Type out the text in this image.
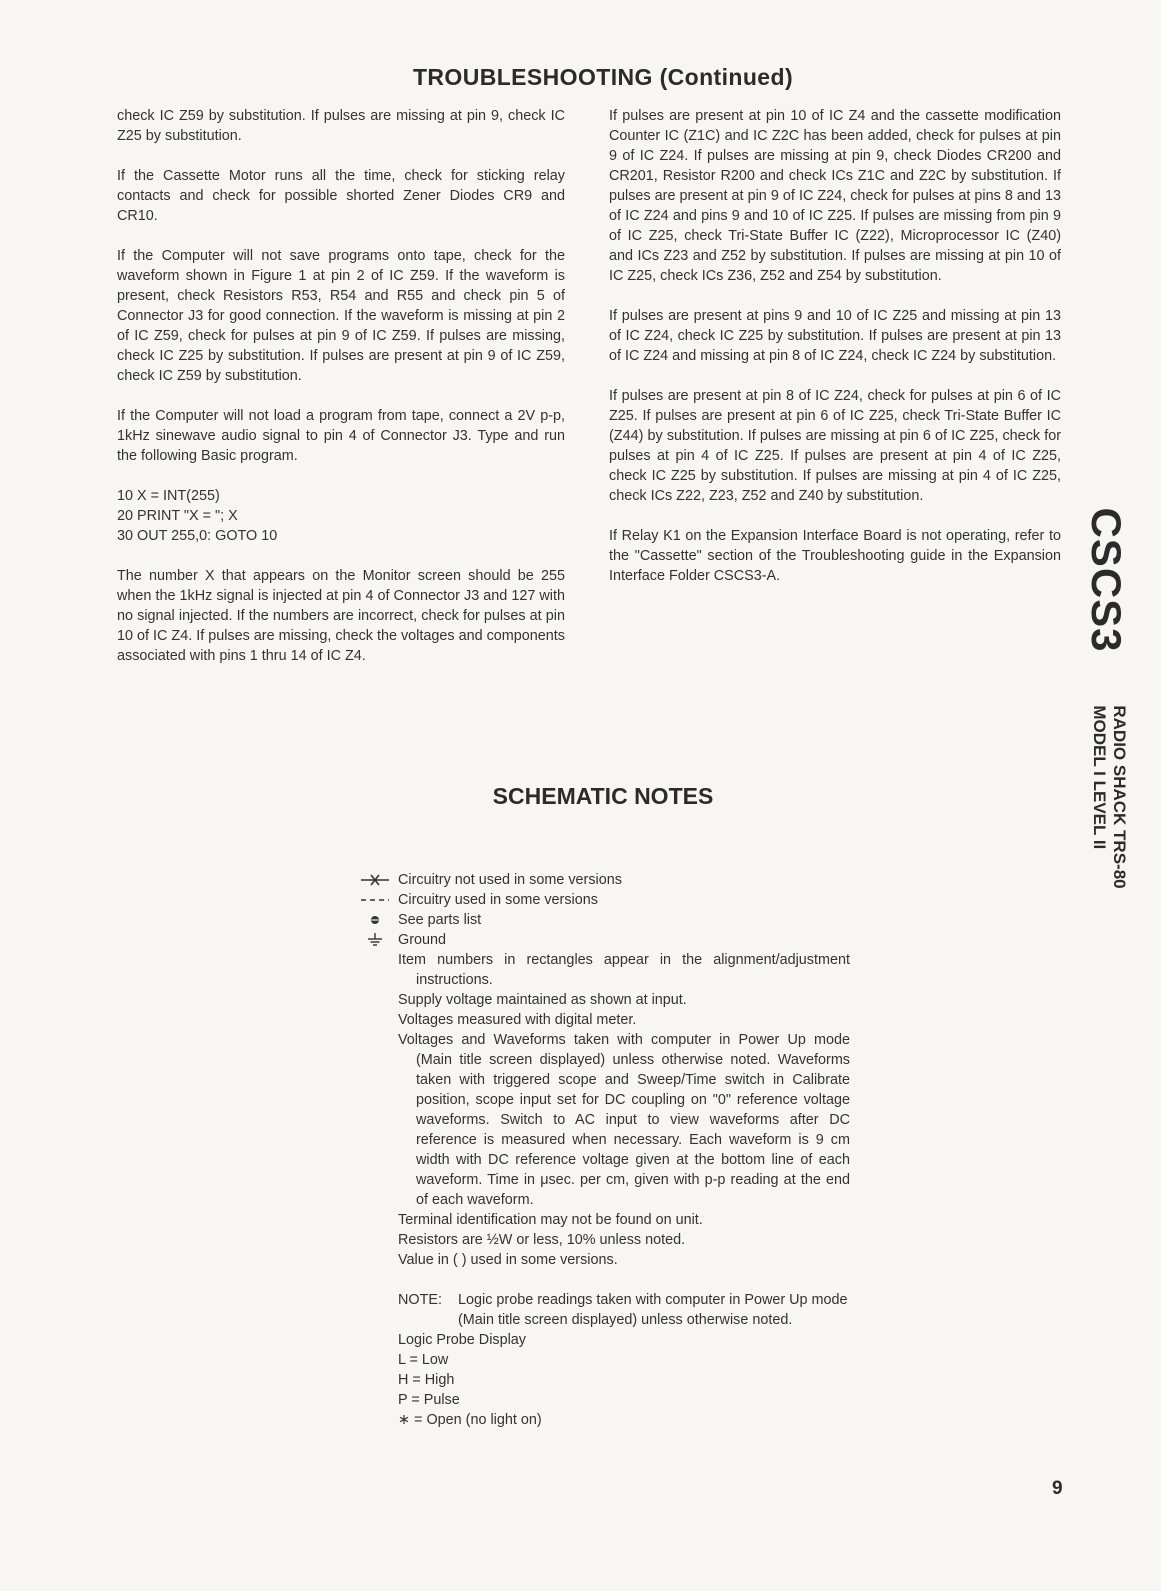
TROUBLESHOOTING (Continued)

check IC Z59 by substitution. If pulses are missing at pin 9, check IC Z25 by substitution.

If the Cassette Motor runs all the time, check for sticking relay contacts and check for possible shorted Zener Diodes CR9 and CR10.

If the Computer will not save programs onto tape, check for the waveform shown in Figure 1 at pin 2 of IC Z59. If the waveform is present, check Resistors R53, R54 and R55 and check pin 5 of Connector J3 for good connection. If the waveform is missing at pin 2 of IC Z59, check for pulses at pin 9 of IC Z59. If pulses are missing, check IC Z25 by substitution. If pulses are present at pin 9 of IC Z59, check IC Z59 by substitution.

If the Computer will not load a program from tape, connect a 2V p-p, 1kHz sinewave audio signal to pin 4 of Connector J3. Type and run the following Basic program.

10 X = INT(255)
20 PRINT "X = "; X
30 OUT 255,0: GOTO 10

The number X that appears on the Monitor screen should be 255 when the 1kHz signal is injected at pin 4 of Connector J3 and 127 with no signal injected. If the numbers are incorrect, check for pulses at pin 10 of IC Z4. If pulses are missing, check the voltages and components associated with pins 1 thru 14 of IC Z4.

If pulses are present at pin 10 of IC Z4 and the cassette modification Counter IC (Z1C) and IC Z2C has been added, check for pulses at pin 9 of IC Z24. If pulses are missing at pin 9, check Diodes CR200 and CR201, Resistor R200 and check ICs Z1C and Z2C by substitution. If pulses are present at pin 9 of IC Z24, check for pulses at pins 8 and 13 of IC Z24 and pins 9 and 10 of IC Z25. If pulses are missing from pin 9 of IC Z25, check Tri-State Buffer IC (Z22), Microprocessor IC (Z40) and ICs Z23 and Z52 by substitution. If pulses are missing at pin 10 of IC Z25, check ICs Z36, Z52 and Z54 by substitution.

If pulses are present at pins 9 and 10 of IC Z25 and missing at pin 13 of IC Z24, check IC Z25 by substitution. If pulses are present at pin 13 of IC Z24 and missing at pin 8 of IC Z24, check IC Z24 by substitution.

If pulses are present at pin 8 of IC Z24, check for pulses at pin 6 of IC Z25. If pulses are present at pin 6 of IC Z25, check Tri-State Buffer IC (Z44) by substitution. If pulses are missing at pin 6 of IC Z25, check for pulses at pin 4 of IC Z25. If pulses are present at pin 4 of IC Z25, check IC Z25 by substitution. If pulses are missing at pin 4 of IC Z25, check ICs Z22, Z23, Z52 and Z40 by substitution.

If Relay K1 on the Expansion Interface Board is not operating, refer to the "Cassette" section of the Troubleshooting guide in the Expansion Interface Folder CSCS3-A.	CSCS3
RADIO SHACK TRS-80
MODEL I LEVEL II
SCHEMATIC NOTES
Circuitry not used in some versions
Circuitry used in some versions
See parts list
Ground
Item numbers in rectangles appear in the alignment/adjustment instructions.
Supply voltage maintained as shown at input.
Voltages measured with digital meter.
Voltages and Waveforms taken with computer in Power Up mode (Main title screen displayed) unless otherwise noted. Waveforms taken with triggered scope and Sweep/Time switch in Calibrate position, scope input set for DC coupling on "0" reference voltage waveforms. Switch to AC input to view waveforms after DC reference is measured when necessary. Each waveform is 9 cm width with DC reference voltage given at the bottom line of each waveform. Time in μsec. per cm, given with p-p reading at the end of each waveform.
Terminal identification may not be found on unit.
Resistors are ½W or less, 10% unless noted.
Value in ( ) used in some versions.
NOTE:	Logic probe readings taken with computer in Power Up mode (Main title screen displayed) unless otherwise noted.
Logic Probe Display
L = Low
H = High
P = Pulse
∗ = Open (no light on)
9
